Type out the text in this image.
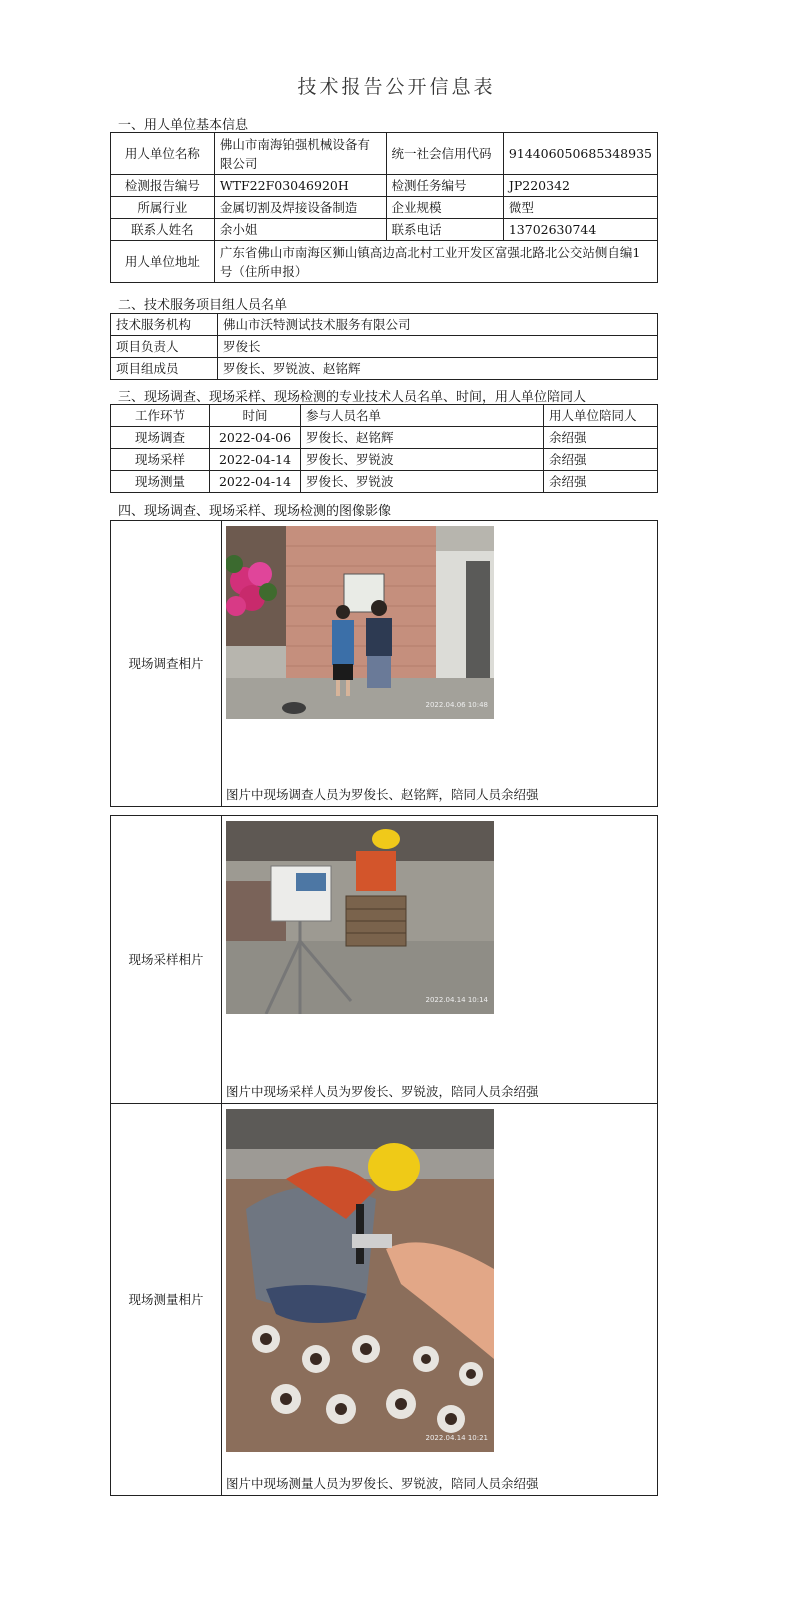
技术报告公开信息表
一、用人单位基本信息
用人单位名称	佛山市南海铂强机械设备有限公司	统一社会信用代码	914406050685348935
检测报告编号	WTF22F03046920H	检测任务编号	JP220342
所属行业	金属切割及焊接设备制造	企业规模	微型
联系人姓名	余小姐	联系电话	13702630744
用人单位地址	广东省佛山市南海区狮山镇高边高北村工业开发区富强北路北公交站侧自编1号（住所申报）		
二、技术服务项目组人员名单
技术服务机构	佛山市沃特测试技术服务有限公司
项目负责人	罗俊长
项目组成员	罗俊长、罗锐波、赵铭辉
三、现场调查、现场采样、现场检测的专业技术人员名单、时间，用人单位陪同人
工作环节	时间	参与人员名单	用人单位陪同人
现场调查	2022-04-06	罗俊长、赵铭辉	余绍强
现场采样	2022-04-14	罗俊长、罗锐波	余绍强
现场测量	2022-04-14	罗俊长、罗锐波	余绍强
四、现场调查、现场采样、现场检测的图像影像
现场调查相片	
2022.04.06 10:48
图片中现场调查人员为罗俊长、赵铭辉，陪同人员余绍强
现场采样相片	2022.04.14 10:14
图片中现场采样人员为罗俊长、罗锐波，陪同人员余绍强

现场测量相片	2022.04.14 10:21
图片中现场测量人员为罗俊长、罗锐波，陪同人员余绍强
